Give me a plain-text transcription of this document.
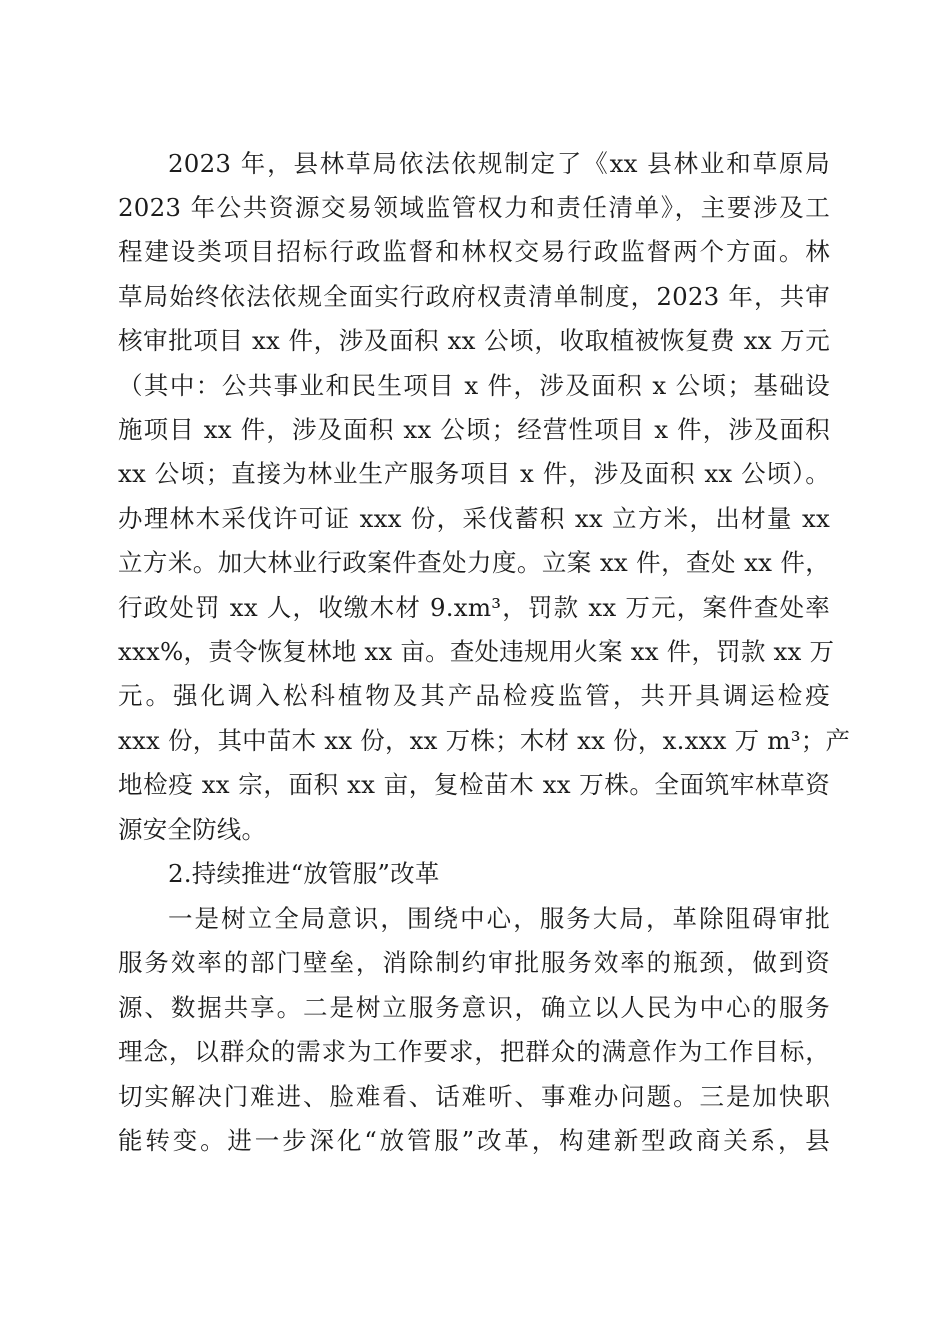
2023 年，县林草局依法依规制定了《xx 县林业和草原局
2023 年公共资源交易领域监管权力和责任清单》，主要涉及工
程建设类项目招标行政监督和林权交易行政监督两个方面。林
草局始终依法依规全面实行政府权责清单制度，2023 年，共审
核审批项目 xx 件，涉及面积 xx 公顷，收取植被恢复费 xx 万元
（其中：公共事业和民生项目 x 件，涉及面积 x 公顷；基础设
施项目 xx 件，涉及面积 xx 公顷；经营性项目 x 件，涉及面积
xx 公顷；直接为林业生产服务项目 x 件，涉及面积 xx 公顷）。
办理林木采伐许可证 xxx 份，采伐蓄积 xx 立方米，出材量 xx
立方米。加大林业行政案件查处力度。立案 xx 件，查处 xx 件，
行政处罚 xx 人，收缴木材 9.xm³，罚款 xx 万元，案件查处率
xxx%，责令恢复林地 xx 亩。查处违规用火案 xx 件，罚款 xx 万
元。强化调入松科植物及其产品检疫监管，共开具调运检疫
xxx 份，其中苗木 xx 份，xx 万株；木材 xx 份，x.xxx 万 m³；产
地检疫 xx 宗，面积 xx 亩，复检苗木 xx 万株。全面筑牢林草资
源安全防线。
2.持续推进“放管服”改革
一是树立全局意识，围绕中心，服务大局，革除阻碍审批
服务效率的部门壁垒，消除制约审批服务效率的瓶颈，做到资
源、数据共享。二是树立服务意识，确立以人民为中心的服务
理念，以群众的需求为工作要求，把群众的满意作为工作目标，
切实解决门难进、脸难看、话难听、事难办问题。三是加快职
能转变。进一步深化“放管服”改革，构建新型政商关系，县
